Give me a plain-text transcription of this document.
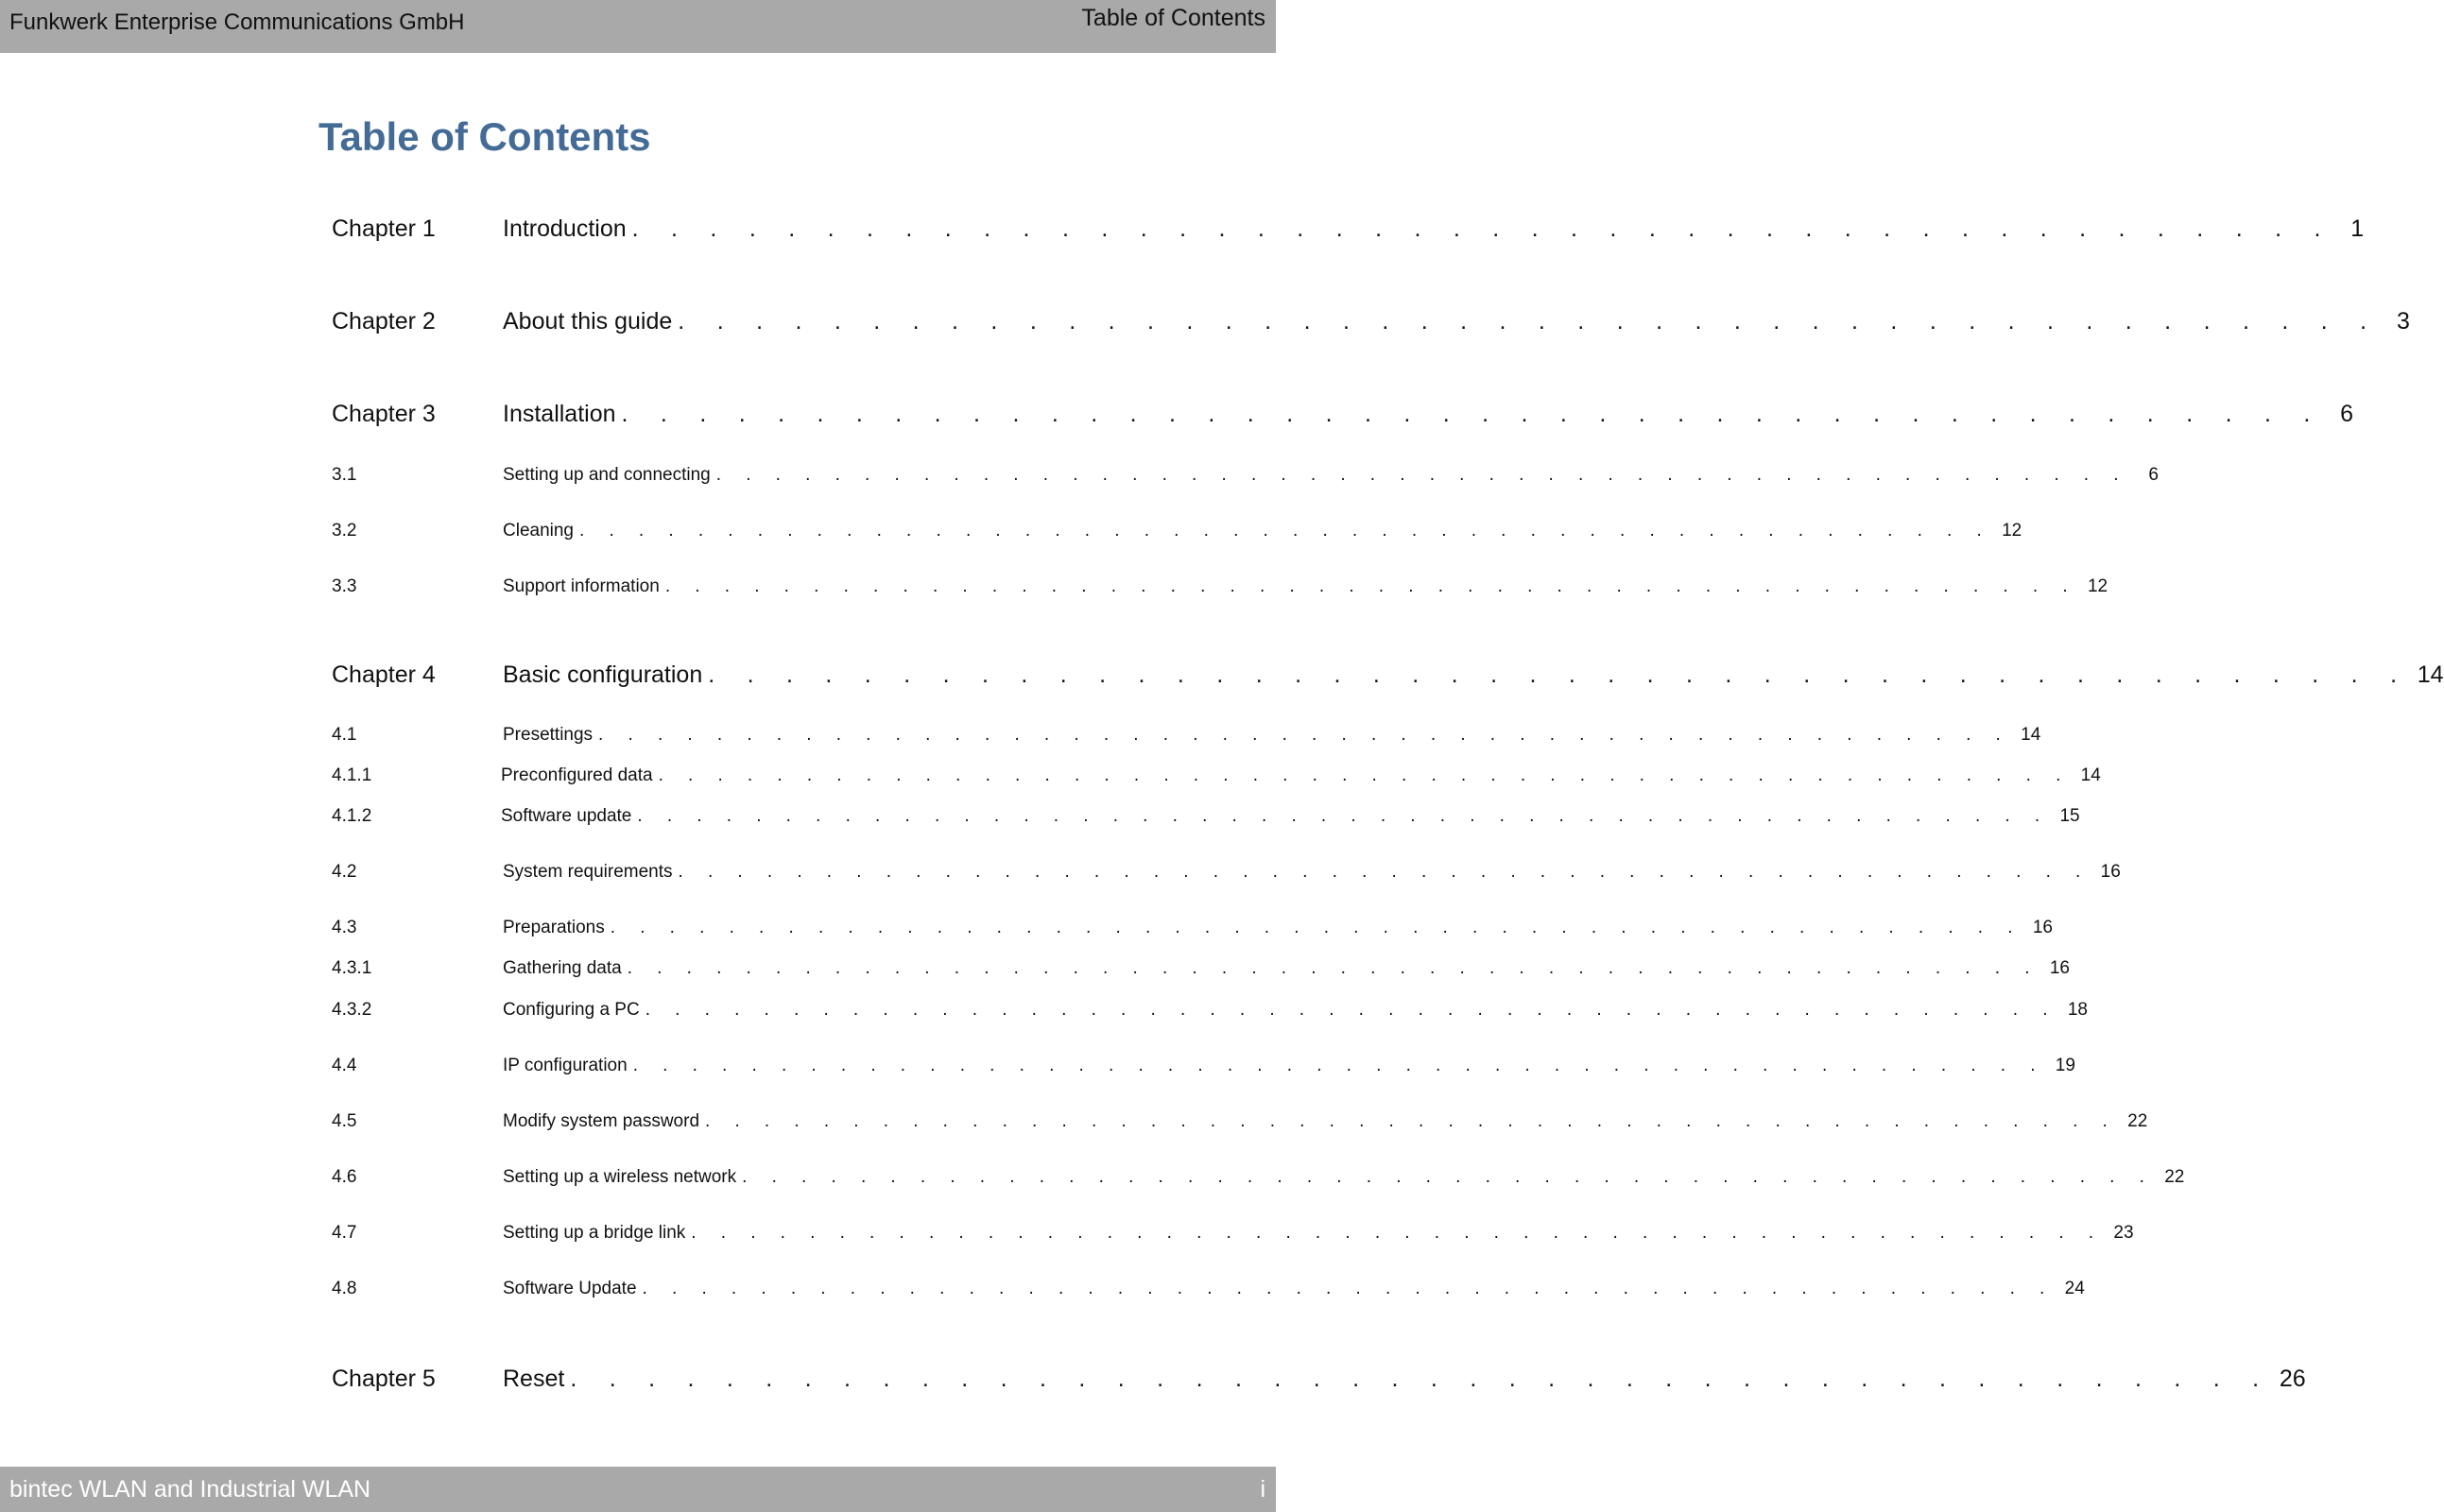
Funkwerk Enterprise Communications GmbH	Table of Contents
Table of Contents
Chapter 1	Introduction . . . . . . . . . . . . . . . . . . . . . . . . . . . . . . . . . . . . . . . . . . . . 1
Chapter 2	About this guide . . . . . . . . . . . . . . . . . . . . . . . . . . . . . . . . . . . . . . . . . . . . 3
Chapter 3	Installation . . . . . . . . . . . . . . . . . . . . . . . . . . . . . . . . . . . . . . . . . . . . 6
3.1	Setting up and connecting . . . . . . . . . . . . . . . . . . . . . . . . . . . . . . . . . . . . . . . . . . . . . . . .	6
3.2	Cleaning . . . . . . . . . . . . . . . . . . . . . . . . . . . . . . . . . . . . . . . . . . . . . . . . 12
3.3	Support information . . . . . . . . . . . . . . . . . . . . . . . . . . . . . . . . . . . . . . . . . . . . . . . . 12
Chapter 4	Basic configuration . . . . . . . . . . . . . . . . . . . . . . . . . . . . . . . . . . . . . . . . . . . . 14
4.1	Presettings . . . . . . . . . . . . . . . . . . . . . . . . . . . . . . . . . . . . . . . . . . . . . . . . 14
4.1.1	Preconfigured data . . . . . . . . . . . . . . . . . . . . . . . . . . . . . . . . . . . . . . . . . . . . . . . . 14
4.1.2	Software update . . . . . . . . . . . . . . . . . . . . . . . . . . . . . . . . . . . . . . . . . . . . . . . . 15
4.2	System requirements . . . . . . . . . . . . . . . . . . . . . . . . . . . . . . . . . . . . . . . . . . . . . . . . 16
4.3	Preparations . . . . . . . . . . . . . . . . . . . . . . . . . . . . . . . . . . . . . . . . . . . . . . . . 16
4.3.1	Gathering data . . . . . . . . . . . . . . . . . . . . . . . . . . . . . . . . . . . . . . . . . . . . . . . . 16
4.3.2	Configuring a PC . . . . . . . . . . . . . . . . . . . . . . . . . . . . . . . . . . . . . . . . . . . . . . . . 18
4.4	IP configuration . . . . . . . . . . . . . . . . . . . . . . . . . . . . . . . . . . . . . . . . . . . . . . . . 19
4.5	Modify system password . . . . . . . . . . . . . . . . . . . . . . . . . . . . . . . . . . . . . . . . . . . . . . . . 22
4.6	Setting up a wireless network . . . . . . . . . . . . . . . . . . . . . . . . . . . . . . . . . . . . . . . . . . . . . . . . 22
4.7	Setting up a bridge link . . . . . . . . . . . . . . . . . . . . . . . . . . . . . . . . . . . . . . . . . . . . . . . . 23
4.8	Software Update . . . . . . . . . . . . . . . . . . . . . . . . . . . . . . . . . . . . . . . . . . . . . . . . 24
Chapter 5	Reset . . . . . . . . . . . . . . . . . . . . . . . . . . . . . . . . . . . . . . . . . . . . 26
bintec WLAN and Industrial WLAN	i
